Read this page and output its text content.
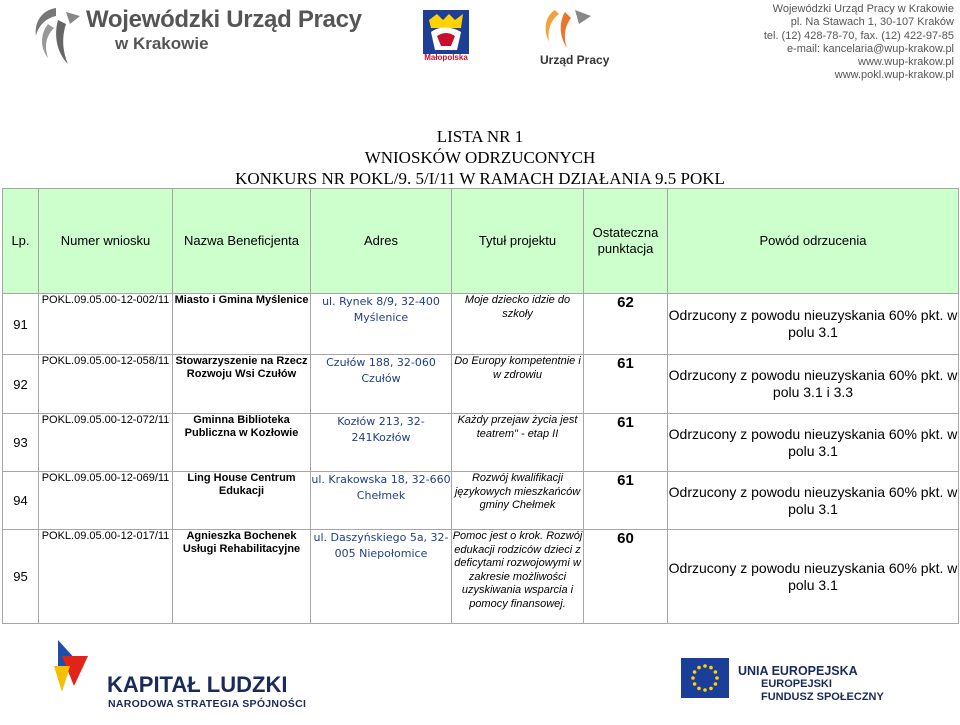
Wojewódzki Urząd Pracy
w Krakowie
Małopolska	Urząd Pracy
Wojewódzki Urząd Pracy w Krakowie
pl. Na Stawach 1, 30-107 Kraków
tel. (12) 428-78-70, fax. (12) 422-97-85
e-mail: kancelaria@wup-krakow.pl
www.wup-krakow.pl
www.pokl.wup-krakow.pl
LISTA NR 1
WNIOSKÓW ODRZUCONYCH
KONKURS NR POKL/9. 5/I/11 W RAMACH DZIAŁANIA 9.5 POKL
Lp.	Numer wniosku	Nazwa Beneficjenta	Adres	Tytuł projektu	Ostateczna punktacja	Powód odrzucenia
91	POKL.09.05.00-12-002/11	Miasto i Gmina Myślenice	ul. Rynek 8/9, 32-400 Myślenice	Moje dziecko idzie do szkoły	62	Odrzucony z powodu nieuzyskania 60% pkt. w polu 3.1
92	POKL.09.05.00-12-058/11	Stowarzyszenie na Rzecz Rozwoju Wsi Czułów	Czułów 188, 32-060 Czułów	Do Europy kompetentnie i w zdrowiu	61	Odrzucony z powodu nieuzyskania 60% pkt. w polu 3.1 i 3.3
93	POKL.09.05.00-12-072/11	Gminna Biblioteka Publiczna w Kozłowie	Kozłów 213, 32-241Kozłów	Każdy przejaw życia jest teatrem" - etap II	61	Odrzucony z powodu nieuzyskania 60% pkt. w polu 3.1
94	POKL.09.05.00-12-069/11	Ling House Centrum Edukacji	ul. Krakowska 18, 32-660 Chełmek	Rozwój kwalifikacji językowych mieszkańców gminy Chełmek	61	Odrzucony z powodu nieuzyskania 60% pkt. w polu 3.1
95	POKL.09.05.00-12-017/11	Agnieszka Bochenek Usługi Rehabilitacyjne	ul. Daszyńskiego 5a, 32-005 Niepołomice	Pomoc jest o krok. Rozwój edukacji rodziców dzieci z deficytami rozwojowymi w zakresie możliwości uzyskiwania wsparcia i pomocy finansowej.	60	Odrzucony z powodu nieuzyskania 60% pkt. w polu 3.1
KAPITAŁ LUDZKI
NARODOWA STRATEGIA SPÓJNOŚCI
UNIA EUROPEJSKA
EUROPEJSKI
FUNDUSZ SPOŁECZNY
